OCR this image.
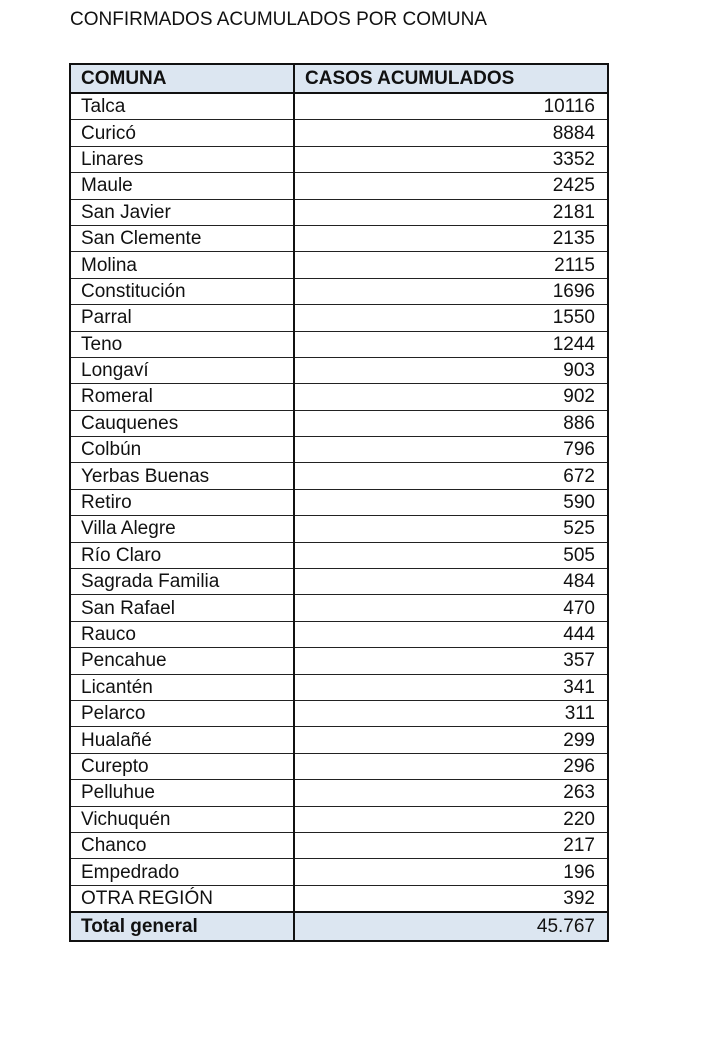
CONFIRMADOS ACUMULADOS POR COMUNA
COMUNA	CASOS ACUMULADOS
Talca	10116
Curicó	8884
Linares	3352
Maule	2425
San Javier	2181
San Clemente	2135
Molina	2115
Constitución	1696
Parral	1550
Teno	1244
Longaví	903
Romeral	902
Cauquenes	886
Colbún	796
Yerbas Buenas	672
Retiro	590
Villa Alegre	525
Río Claro	505
Sagrada Familia	484
San Rafael	470
Rauco	444
Pencahue	357
Licantén	341
Pelarco	311
Hualañé	299
Curepto	296
Pelluhue	263
Vichuquén	220
Chanco	217
Empedrado	196
OTRA REGIÓN	392
Total general	45.767
